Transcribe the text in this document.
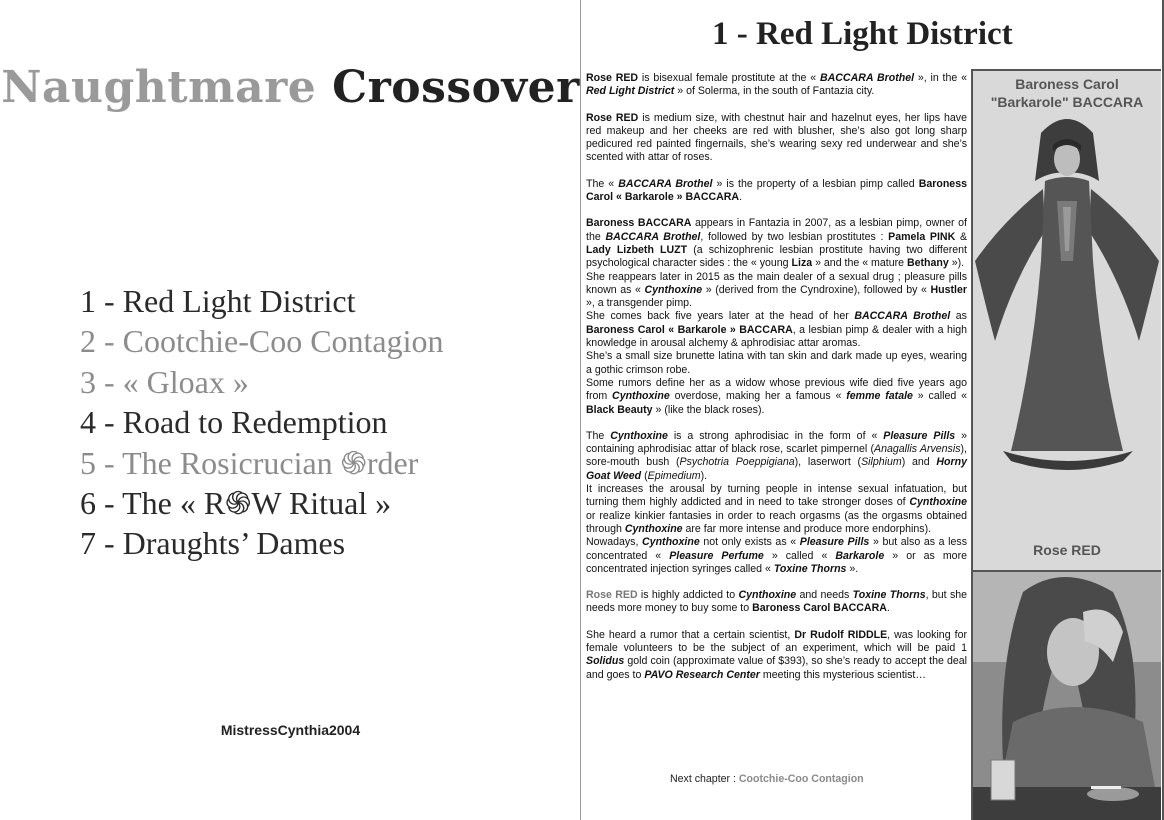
Naughtmare Crossover
1 - Red Light District
2 - Cootchie-Coo Contagion
3 - « Gloax »
4 - Road to Redemption
5 - The Rosicrucian ֍rder
6 - The « R֍W Ritual »
7 - Draughts’ Dames
MistressCynthia2004
1 - Red Light District

Rose RED is bisexual female prostitute at the « BACCARA Brothel », in the « Red Light District » of Solerma, in the south of Fantazia city.

Rose RED is medium size, with chestnut hair and hazelnut eyes, her lips have red makeup and her cheeks are red with blusher, she’s also got long sharp pedicured red painted fingernails, she’s wearing sexy red underwear and she’s scented with attar of roses.

The « BACCARA Brothel » is the property of a lesbian pimp called Baroness Carol « Barkarole » BACCARA.

Baroness BACCARA appears in Fantazia in 2007, as a lesbian pimp, owner of the BACCARA Brothel, followed by two lesbian prostitutes : Pamela PINK & Lady Lizbeth LUZT (a schizophrenic lesbian prostitute having two different psychological character sides : the « young Liza » and the « mature Bethany »).

She reappears later in 2015 as the main dealer of a sexual drug ; pleasure pills known as « Cynthoxine » (derived from the Cyndroxine), followed by « Hustler », a transgender pimp.

She comes back five years later at the head of her BACCARA Brothel as Baroness Carol « Barkarole » BACCARA, a lesbian pimp & dealer with a high knowledge in arousal alchemy & aphrodisiac attar aromas.

She’s a small size brunette latina with tan skin and dark made up eyes, wearing a gothic crimson robe.

Some rumors define her as a widow whose previous wife died five years ago from Cynthoxine overdose, making her a famous « femme fatale » called « Black Beauty » (like the black roses).

The Cynthoxine is a strong aphrodisiac in the form of « Pleasure Pills » containing aphrodisiac attar of black rose, scarlet pimpernel (Anagallis Arvensis), sore-mouth bush (Psychotria Poeppigiana), laserwort (Silphium) and Horny Goat Weed (Epimedium).

It increases the arousal by turning people in intense sexual infatuation, but turning them highly addicted and in need to take stronger doses of Cynthoxine or realize kinkier fantasies in order to reach orgasms (as the orgasms obtained through Cynthoxine are far more intense and produce more endorphins).

Nowadays, Cynthoxine not only exists as « Pleasure Pills » but also as a less concentrated « Pleasure Perfume » called « Barkarole » or as more concentrated injection syringes called « Toxine Thorns ».

Rose RED is highly addicted to Cynthoxine and needs Toxine Thorns, but she needs more money to buy some to Baroness Carol BACCARA.

She heard a rumor that a certain scientist, Dr Rudolf RIDDLE, was looking for female volunteers to be the subject of an experiment, which will be paid 1 Solidus gold coin (approximate value of $393), so she’s ready to accept the deal and goes to PAVO Research Center meeting this mysterious scientist…

Next chapter : Cootchie-Coo Contagion
Baroness Carol
"Barkarole" BACCARA
Rose RED
